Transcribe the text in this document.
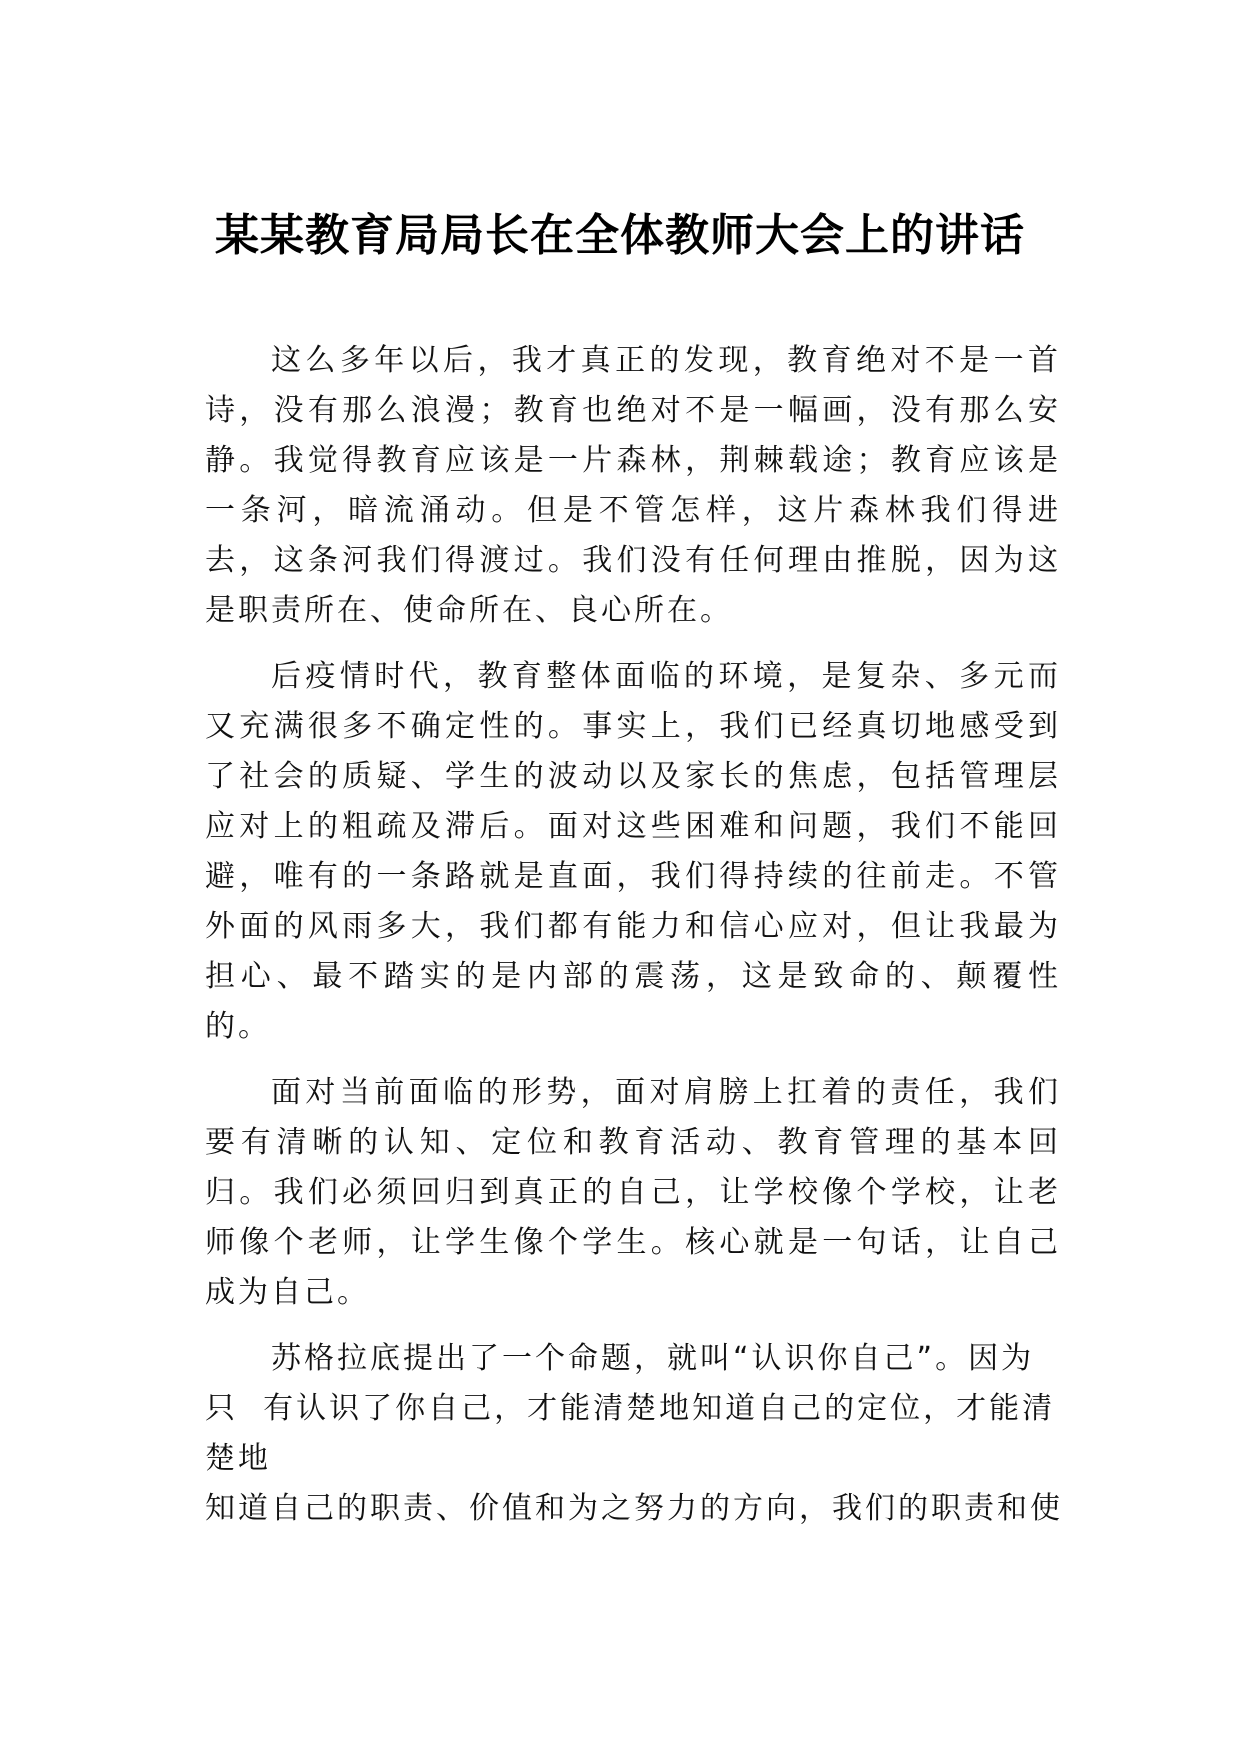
某某教育局局长在全体教师大会上的讲话

这么多年以后，我才真正的发现，教育绝对不是一首诗，没有那么浪漫；教育也绝对不是一幅画，没有那么安静。我觉得教育应该是一片森林，荆棘载途；教育应该是一条河，暗流涌动。但是不管怎样，这片森林我们得进去，这条河我们得渡过。我们没有任何理由推脱，因为这是职责所在、使命所在、良心所在。

后疫情时代，教育整体面临的环境，是复杂、多元而又充满很多不确定性的。事实上，我们已经真切地感受到了社会的质疑、学生的波动以及家长的焦虑，包括管理层应对上的粗疏及滞后。面对这些困难和问题，我们不能回避，唯有的一条路就是直面，我们得持续的往前走。不管外面的风雨多大，我们都有能力和信心应对，但让我最为担心、最不踏实的是内部的震荡，这是致命的、颠覆性的。

面对当前面临的形势，面对肩膀上扛着的责任，我们要有清晰的认知、定位和教育活动、教育管理的基本回归。我们必须回归到真正的自己，让学校像个学校，让老师像个老师，让学生像个学生。核心就是一句话，让自己成为自己。

苏格拉底提出了一个命题，就叫“认识你自己”。因为
只  有认识了你自己，才能清楚地知道自己的定位，才能清
楚地
知道自己的职责、价值和为之努力的方向，我们的职责和使
